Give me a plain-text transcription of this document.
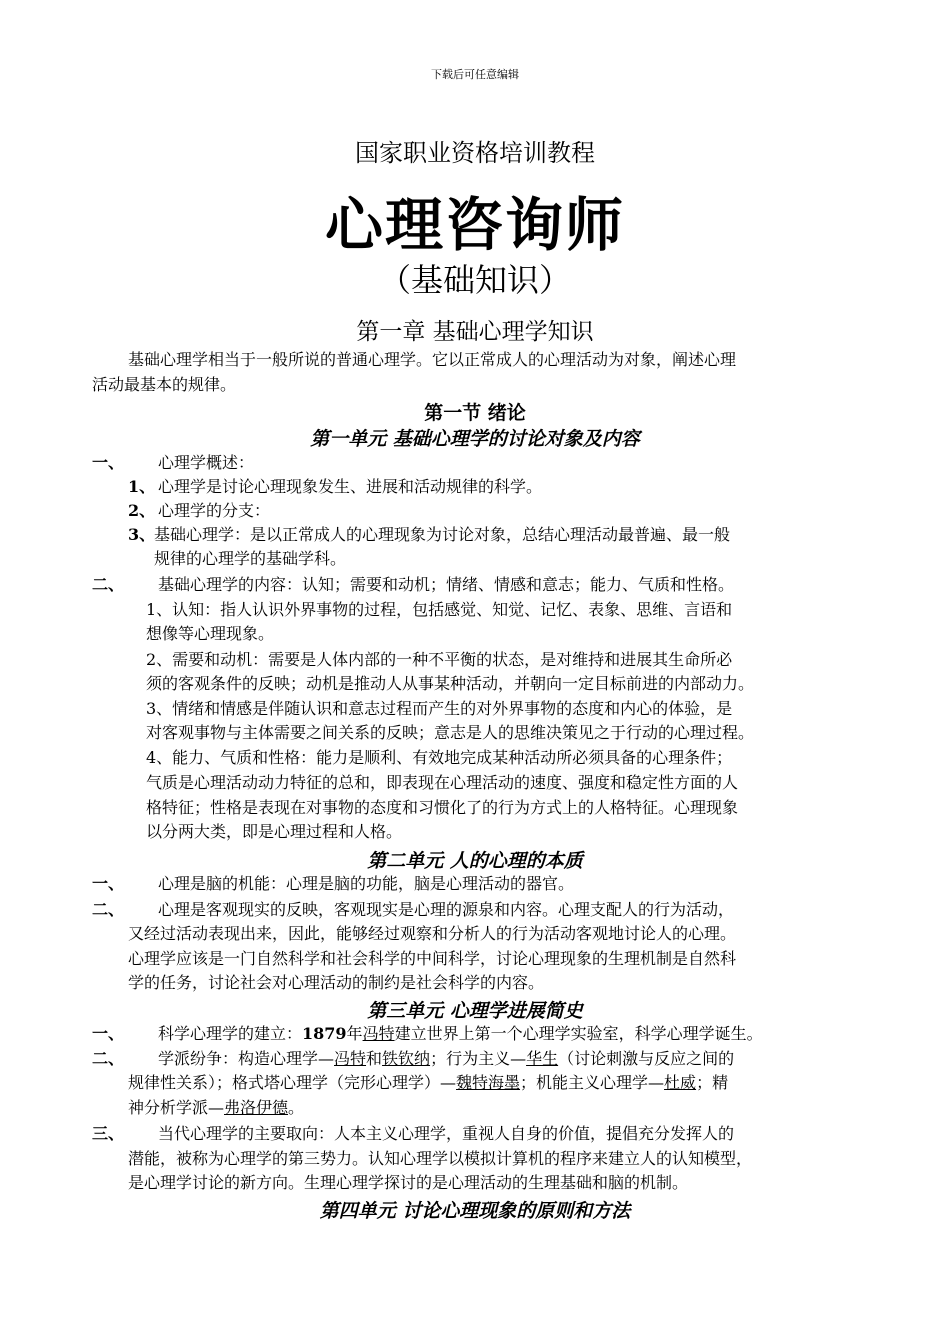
下载后可任意编辑
国家职业资格培训教程
心理咨询师
（基础知识）
第一章 基础心理学知识
基础心理学相当于一般所说的普通心理学。它以正常成人的心理活动为对象，阐述心理
活动最基本的规律。
第一节 绪论
第一单元 基础心理学的讨论对象及内容
一、 心理学概述：
1、 心理学是讨论心理现象发生、进展和活动规律的科学。
2、 心理学的分支：
3、
基础心理学：是以正常成人的心理现象为讨论对象，总结心理活动最普遍、最一般
规律的心理学的基础学科。
二、 基础心理学的内容：认知；需要和动机；情绪、情感和意志；能力、气质和性格。
1、认知：指人认识外界事物的过程，包括感觉、知觉、记忆、表象、思维、言语和
想像等心理现象。
2、需要和动机：需要是人体内部的一种不平衡的状态，是对维持和进展其生命所必
须的客观条件的反映；动机是推动人从事某种活动，并朝向一定目标前进的内部动力。
3、情绪和情感是伴随认识和意志过程而产生的对外界事物的态度和内心的体验，是
对客观事物与主体需要之间关系的反映；意志是人的思维决策见之于行动的心理过程。
4、能力、气质和性格：能力是顺利、有效地完成某种活动所必须具备的心理条件；
气质是心理活动动力特征的总和，即表现在心理活动的速度、强度和稳定性方面的人
格特征；性格是表现在对事物的态度和习惯化了的行为方式上的人格特征。心理现象
以分两大类，即是心理过程和人格。
第二单元 人的心理的本质
一、 心理是脑的机能：心理是脑的功能，脑是心理活动的器官。
二、 心理是客观现实的反映，客观现实是心理的源泉和内容。心理支配人的行为活动，
又经过活动表现出来，因此，能够经过观察和分析人的行为活动客观地讨论人的心理。
心理学应该是一门自然科学和社会科学的中间科学，讨论心理现象的生理机制是自然科
学的任务，讨论社会对心理活动的制约是社会科学的内容。
第三单元 心理学进展简史
一、 科学心理学的建立：1879年冯特建立世界上第一个心理学实验室，科学心理学诞生。
二、 学派纷争：构造心理学—冯特和铁钦纳；行为主义—华生（讨论刺激与反应之间的
规律性关系）；格式塔心理学（完形心理学）—魏特海墨；机能主义心理学—杜威；精
神分析学派—弗洛伊德。
三、 当代心理学的主要取向：人本主义心理学，重视人自身的价值，提倡充分发挥人的
潜能，被称为心理学的第三势力。认知心理学以模拟计算机的程序来建立人的认知模型，
是心理学讨论的新方向。生理心理学探讨的是心理活动的生理基础和脑的机制。
第四单元 讨论心理现象的原则和方法
